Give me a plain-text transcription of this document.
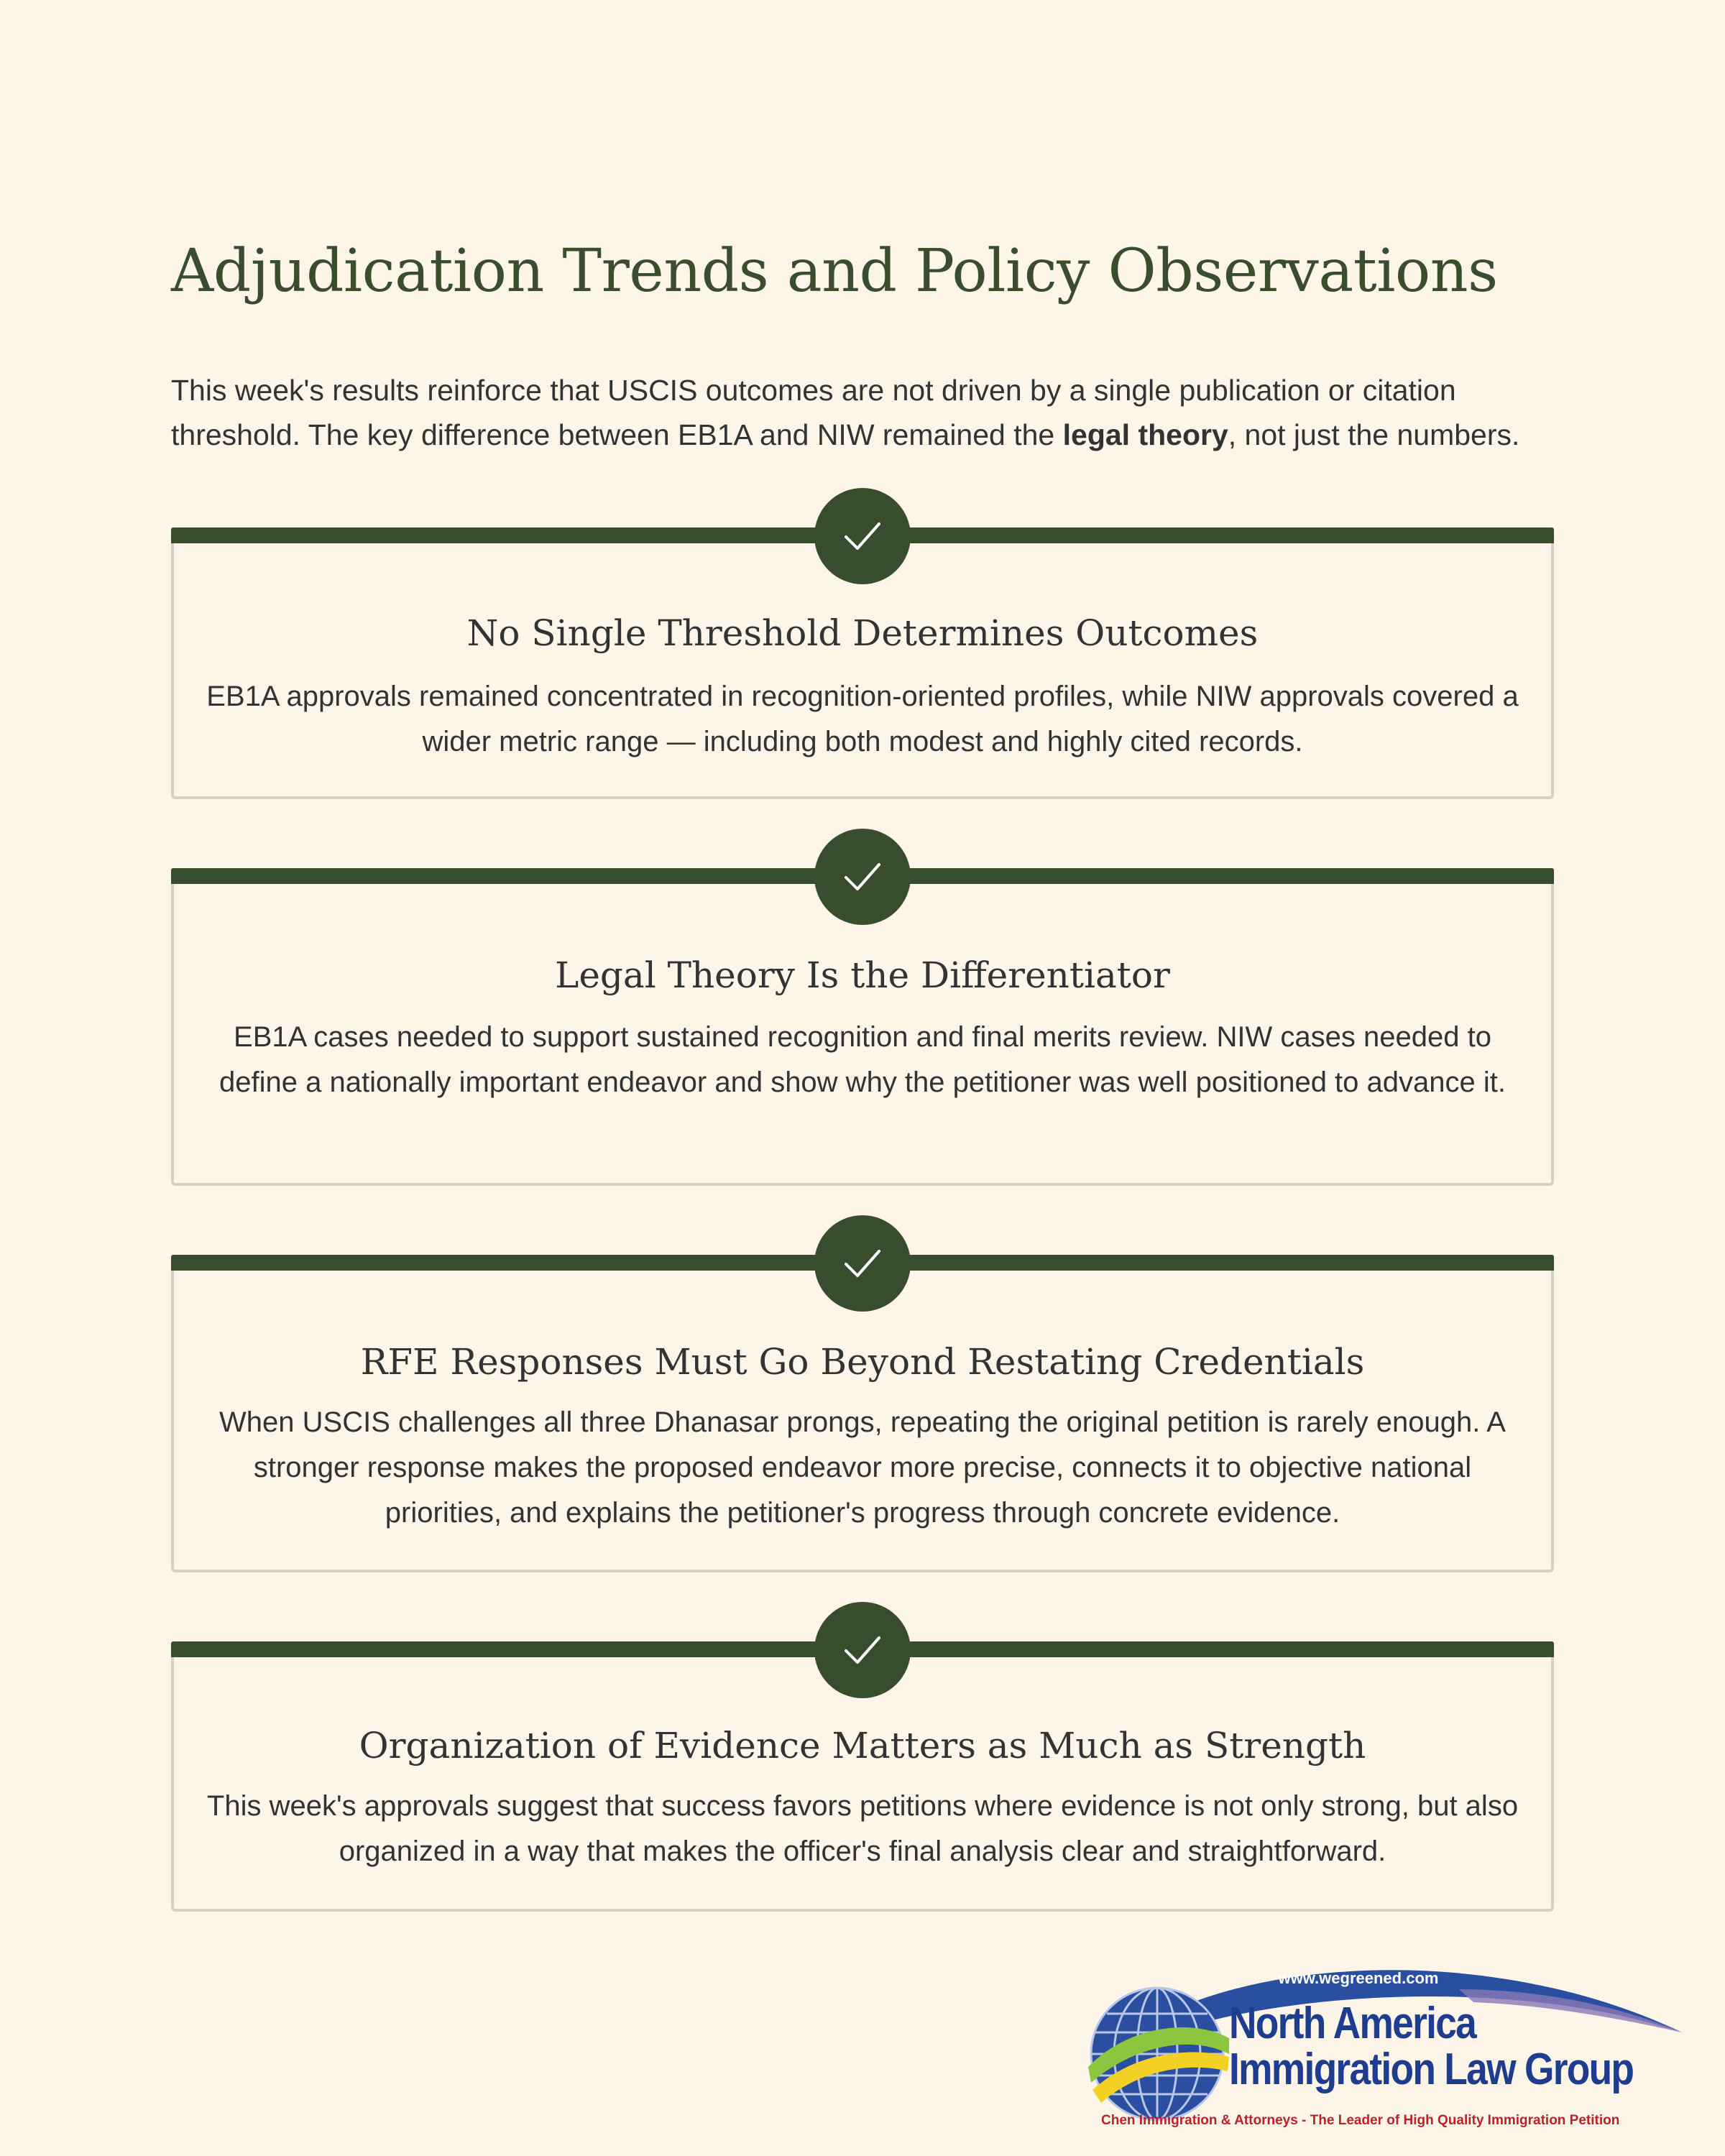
Adjudication Trends and Policy Observations

This week's results reinforce that USCIS outcomes are not driven by a single publication or citation threshold. The key difference between EB1A and NIW remained the legal theory, not just the numbers.

No Single Threshold Determines Outcomes

EB1A approvals remained concentrated in recognition-oriented profiles, while NIW approvals covered a wider metric range — including both modest and highly cited records.

Legal Theory Is the Differentiator

EB1A cases needed to support sustained recognition and final merits review. NIW cases needed to define a nationally important endeavor and show why the petitioner was well positioned to advance it.

RFE Responses Must Go Beyond Restating Credentials

When USCIS challenges all three Dhanasar prongs, repeating the original petition is rarely enough. A stronger response makes the proposed endeavor more precise, connects it to objective national priorities, and explains the petitioner's progress through concrete evidence.

Organization of Evidence Matters as Much as Strength

This week's approvals suggest that success favors petitions where evidence is not only strong, but also organized in a way that makes the officer's final analysis clear and straightforward.

www.wegreened.com
North America
Immigration Law Group
Chen Immigration & Attorneys - The Leader of High Quality Immigration Petition
